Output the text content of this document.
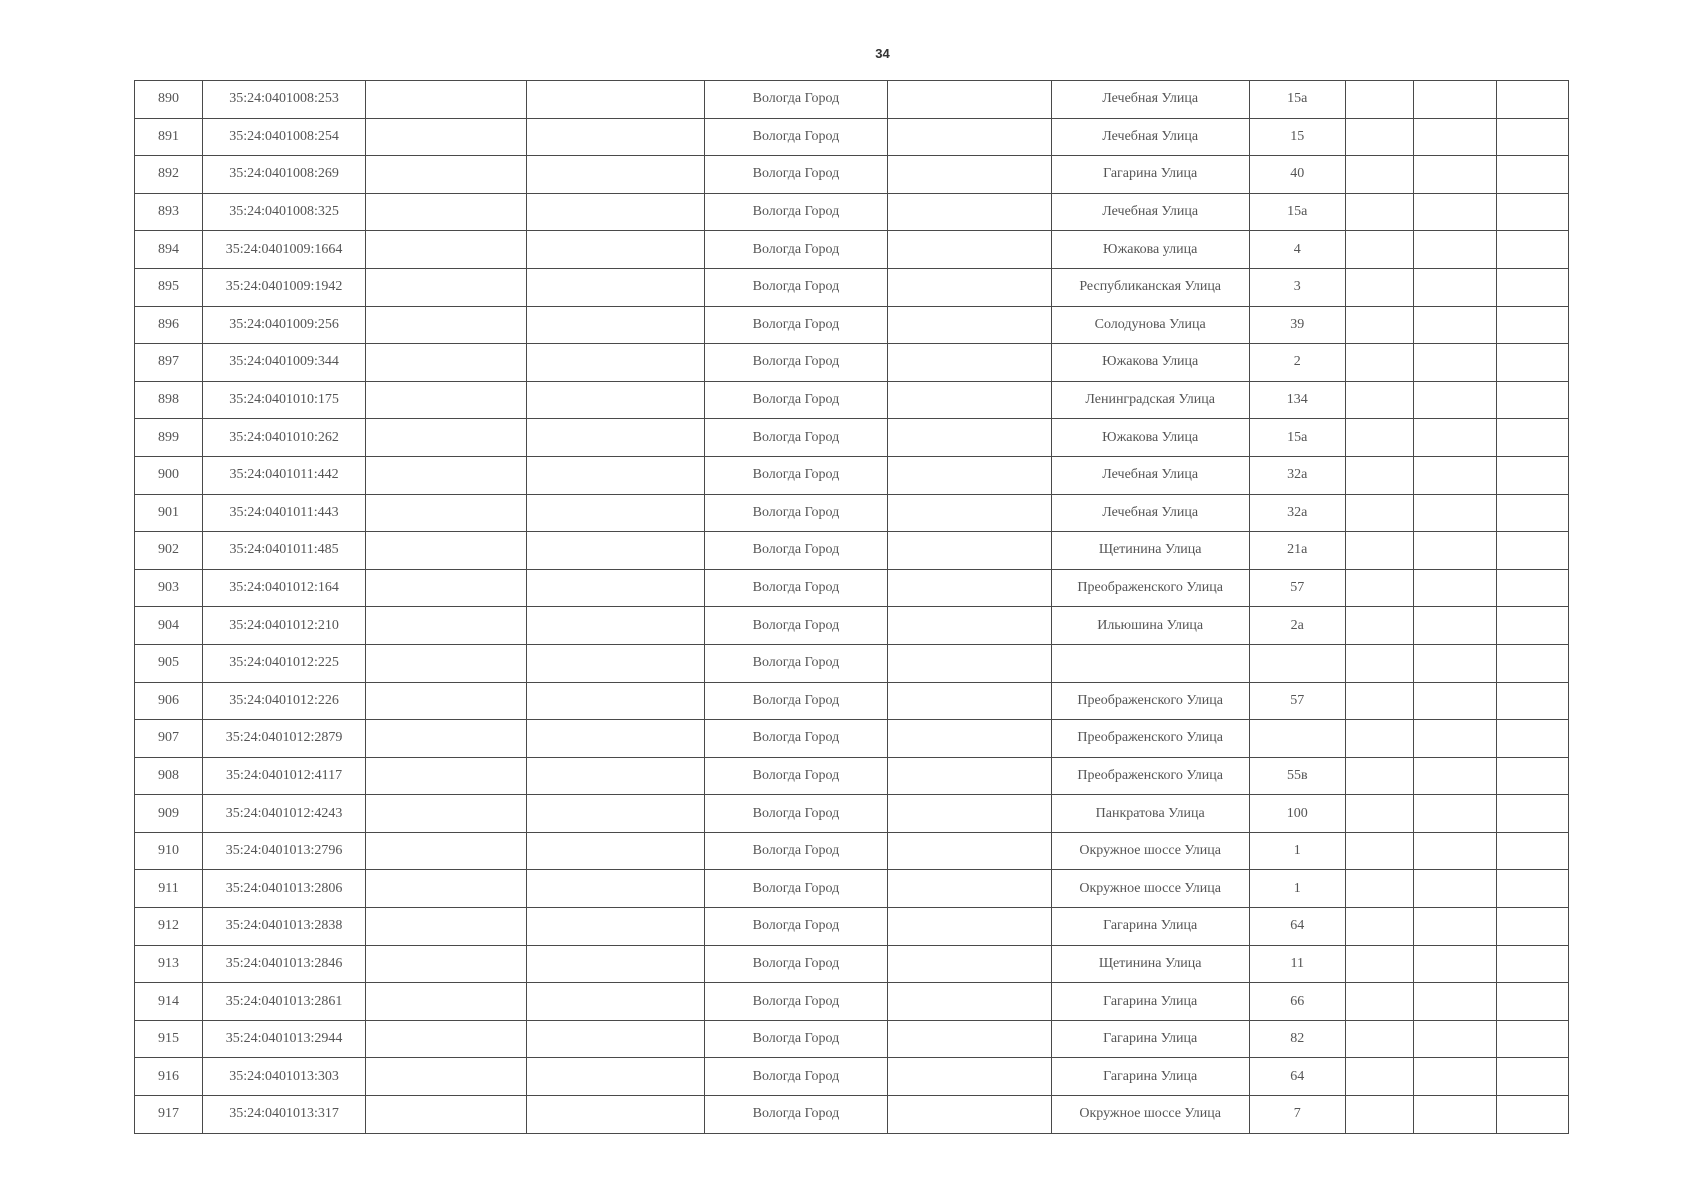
34
890	35:24:0401008:253			Вологда Город		Лечебная Улица	15а			
891	35:24:0401008:254			Вологда Город		Лечебная Улица	15			
892	35:24:0401008:269			Вологда Город		Гагарина Улица	40			
893	35:24:0401008:325			Вологда Город		Лечебная Улица	15а			
894	35:24:0401009:1664			Вологда Город		Южакова улица	4			
895	35:24:0401009:1942			Вологда Город		Республиканская Улица	3			
896	35:24:0401009:256			Вологда Город		Солодунова Улица	39			
897	35:24:0401009:344			Вологда Город		Южакова Улица	2			
898	35:24:0401010:175			Вологда Город		Ленинградская Улица	134			
899	35:24:0401010:262			Вологда Город		Южакова Улица	15а			
900	35:24:0401011:442			Вологда Город		Лечебная Улица	32а			
901	35:24:0401011:443			Вологда Город		Лечебная Улица	32а			
902	35:24:0401011:485			Вологда Город		Щетинина Улица	21а			
903	35:24:0401012:164			Вологда Город		Преображенского Улица	57			
904	35:24:0401012:210			Вологда Город		Ильюшина Улица	2а			
905	35:24:0401012:225			Вологда Город						
906	35:24:0401012:226			Вологда Город		Преображенского Улица	57			
907	35:24:0401012:2879			Вологда Город		Преображенского Улица				
908	35:24:0401012:4117			Вологда Город		Преображенского Улица	55в			
909	35:24:0401012:4243			Вологда Город		Панкратова Улица	100			
910	35:24:0401013:2796			Вологда Город		Окружное шоссе Улица	1			
911	35:24:0401013:2806			Вологда Город		Окружное шоссе Улица	1			
912	35:24:0401013:2838			Вологда Город		Гагарина Улица	64			
913	35:24:0401013:2846			Вологда Город		Щетинина Улица	11			
914	35:24:0401013:2861			Вологда Город		Гагарина Улица	66			
915	35:24:0401013:2944			Вологда Город		Гагарина Улица	82			
916	35:24:0401013:303			Вологда Город		Гагарина Улица	64			
917	35:24:0401013:317			Вологда Город		Окружное шоссе Улица	7			
